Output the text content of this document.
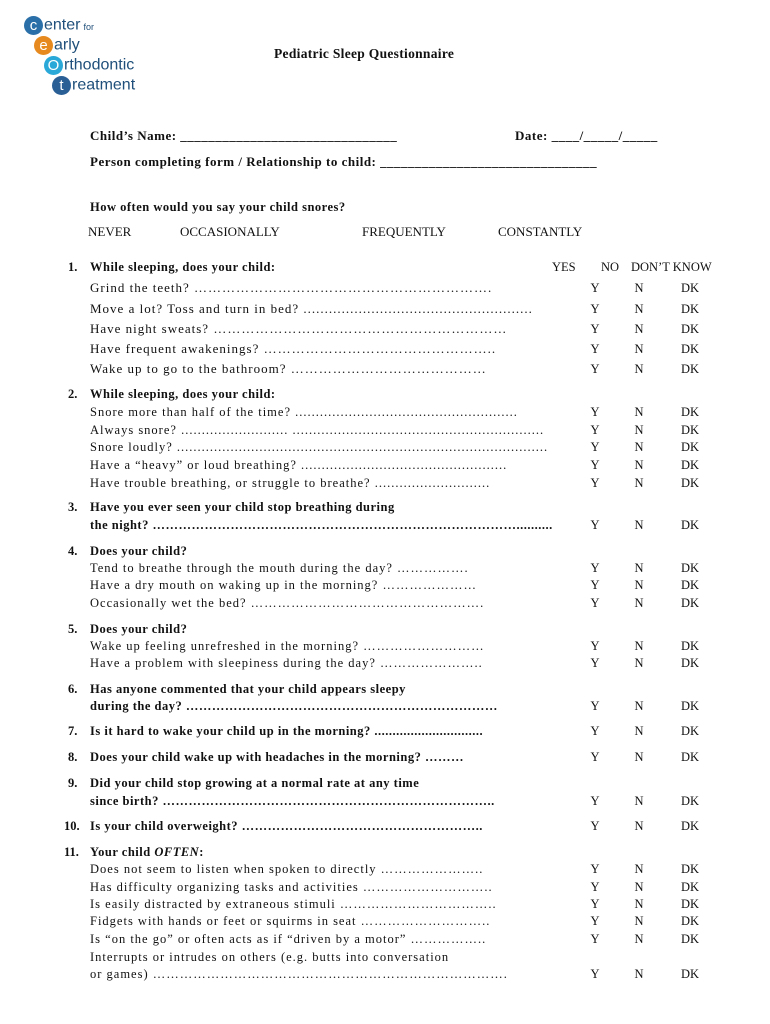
c enter for
e arly
O rthodontic
t reatment
Pediatric Sleep Questionnaire
Child’s Name: _______________________________	Date: ____/_____/_____
Person completing form / Relationship to child: _______________________________
How often would you say your child snores?
NEVER	OCCASIONALLY	FREQUENTLY	CONSTANTLY
YES NO DON’T KNOW
1. While sleeping, does your child:
Grind the teeth? ……………………………………………………….	Y	N	DK
Move a lot? Toss and turn in bed? ......................................................	Y	N	DK
Have night sweats? ………………………………………………………	Y	N	DK
Have frequent awakenings? …………………………………………..	Y	N	DK
Wake up to go to the bathroom? ……………………………………	Y	N	DK
2. While sleeping, does your child:
Snore more than half of the time? ......................................................	Y	N	DK
Always snore? .......................... .............................................................	Y	N	DK
Snore loudly? ..........................................................................................	Y	N	DK
Have a “heavy” or loud breathing? ..................................................	Y	N	DK
Have trouble breathing, or struggle to breathe? ............................	Y	N	DK
3. Have you ever seen your child stop breathing during
the night? …………………………………………………………………………..........	Y	N	DK
4. Does your child?
Tend to breathe through the mouth during the day? …………….	Y	N	DK
Have a dry mouth on waking up in the morning? …………………	Y	N	DK
Occasionally wet the bed? …………………………………………….	Y	N	DK
5. Does your child?
Wake up feeling unrefreshed in the morning? ………………………	Y	N	DK
Have a problem with sleepiness during the day? …………………..	Y	N	DK
6. Has anyone commented that your child appears sleepy
during the day? ………………………………………………………………	Y	N	DK
7. Is it hard to wake your child up in the morning? ..............................	Y	N	DK
8. Does your child wake up with headaches in the morning? ………	Y	N	DK
9. Did your child stop growing at a normal rate at any time
since birth? …………………………………………………………………..	Y	N	DK
10. Is your child overweight? ………………………………………………..	Y	N	DK
11. Your child OFTEN:
Does not seem to listen when spoken to directly …………………..	Y	N	DK
Has difficulty organizing tasks and activities ………………………..	Y	N	DK
Is easily distracted by extraneous stimuli ……………………………..	Y	N	DK
Fidgets with hands or feet or squirms in seat ………………………..	Y	N	DK
Is “on the go” or often acts as if “driven by a motor” ……………..	Y	N	DK
Interrupts or intrudes on others (e.g. butts into conversation
or games) …………………………………………………………………….	Y	N	DK
